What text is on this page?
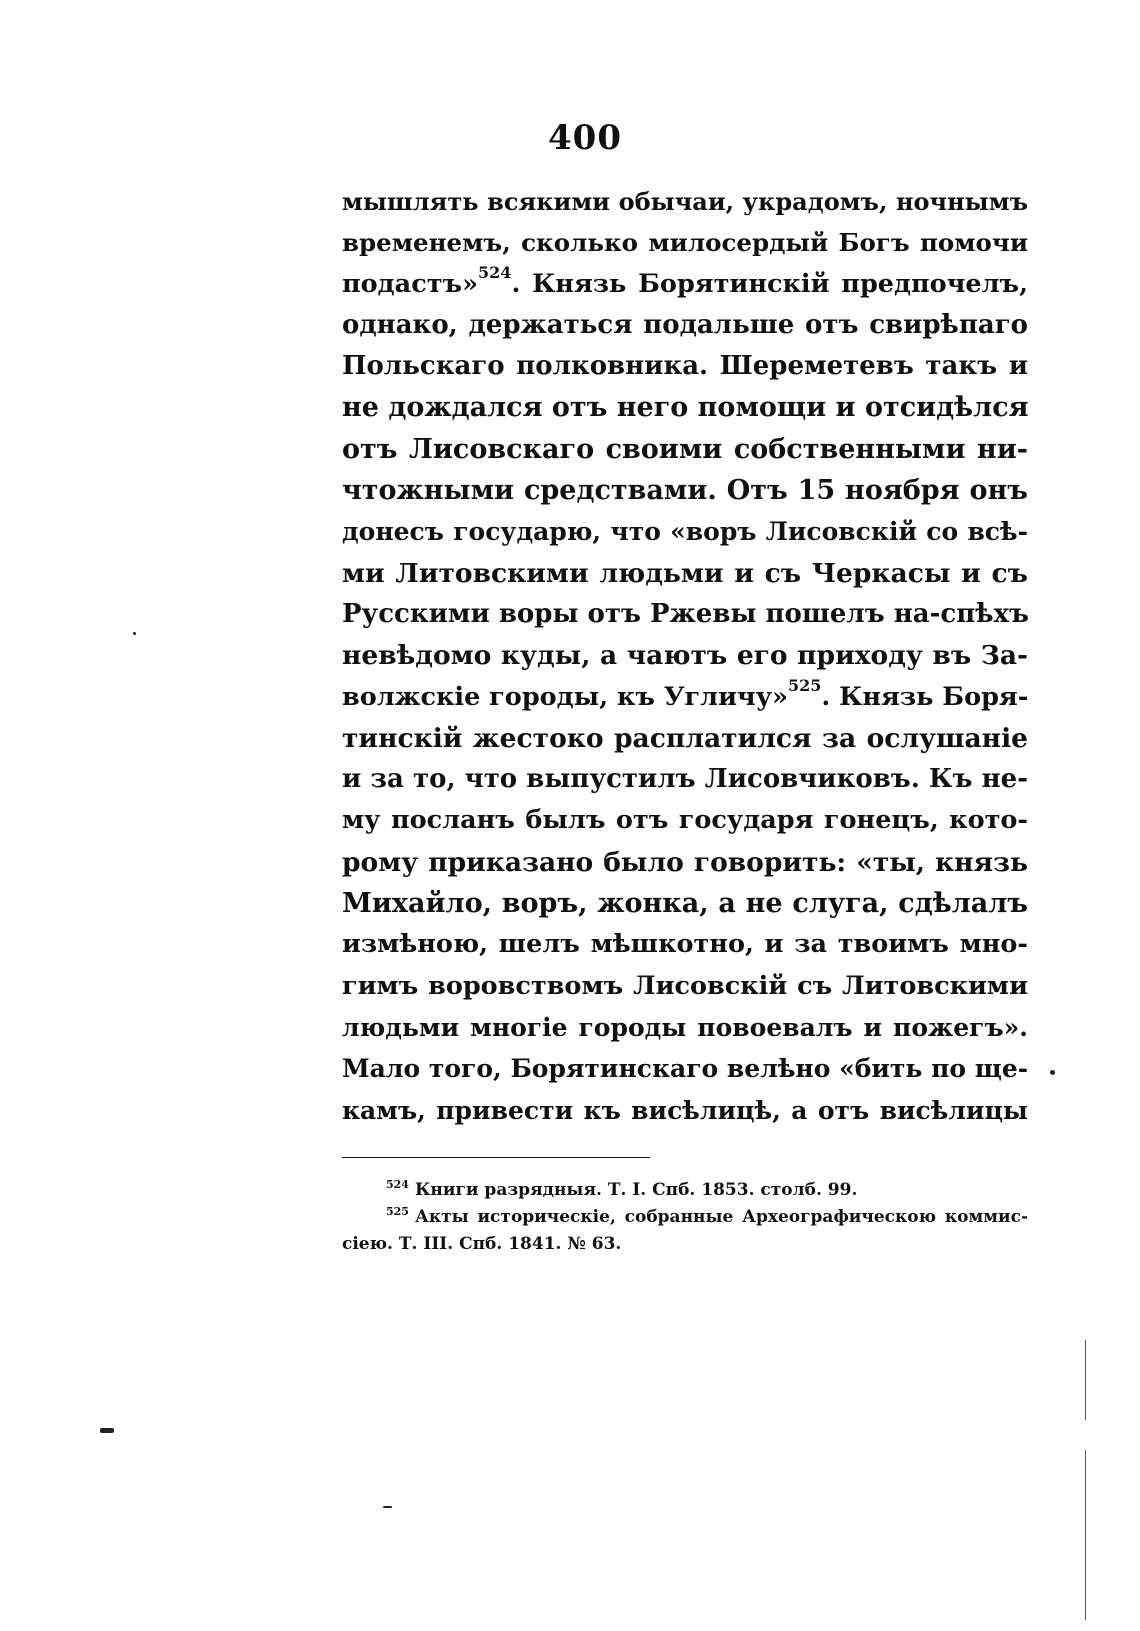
400
мышлять всякими обычаи, украдомъ, ночнымъ
временемъ, сколько милосердый Богъ помочи
подастъ»$^{524}$. Князь Борятинскій предпочелъ,
однако, держаться подальше отъ свирѣпаго
Польскаго полковника. Шереметевъ такъ и
не дождался отъ него помощи и отсидѣлся
отъ Лисовскаго своими собственными ни-
чтожными средствами. Отъ 15 ноября онъ
донесъ государю, что «воръ Лисовскій со всѣ-
ми Литовскими людьми и съ Черкасы и съ
Русскими воры отъ Ржевы пошелъ на-спѣхъ
невѣдомо куды, а чаютъ его приходу въ За-
волжскіе городы, къ Угличу»$^{525}$. Князь Боря-
тинскій жестоко расплатился за ослушаніе
и за то, что выпустилъ Лисовчиковъ. Къ не-
му посланъ былъ отъ государя гонецъ, кото-
рому приказано было говорить: «ты, князь
Михайло, воръ, жонка, а не слуга, сдѣлалъ
измѣною, шелъ мѣшкотно, и за твоимъ мно-
гимъ воровствомъ Лисовскій съ Литовскими
людьми многіе городы повоевалъ и пожегъ».
Мало того, Борятинскаго велѣно «бить по ще-
камъ, привести къ висѣлицѣ, а отъ висѣлицы
$^{524}$ Книги разрядныя. Т. I. Спб. 1853. столб. 99.
$^{525}$ Акты историческіе, собранные Археографическою коммис-
сіею. Т. III. Спб. 1841. № 63.
